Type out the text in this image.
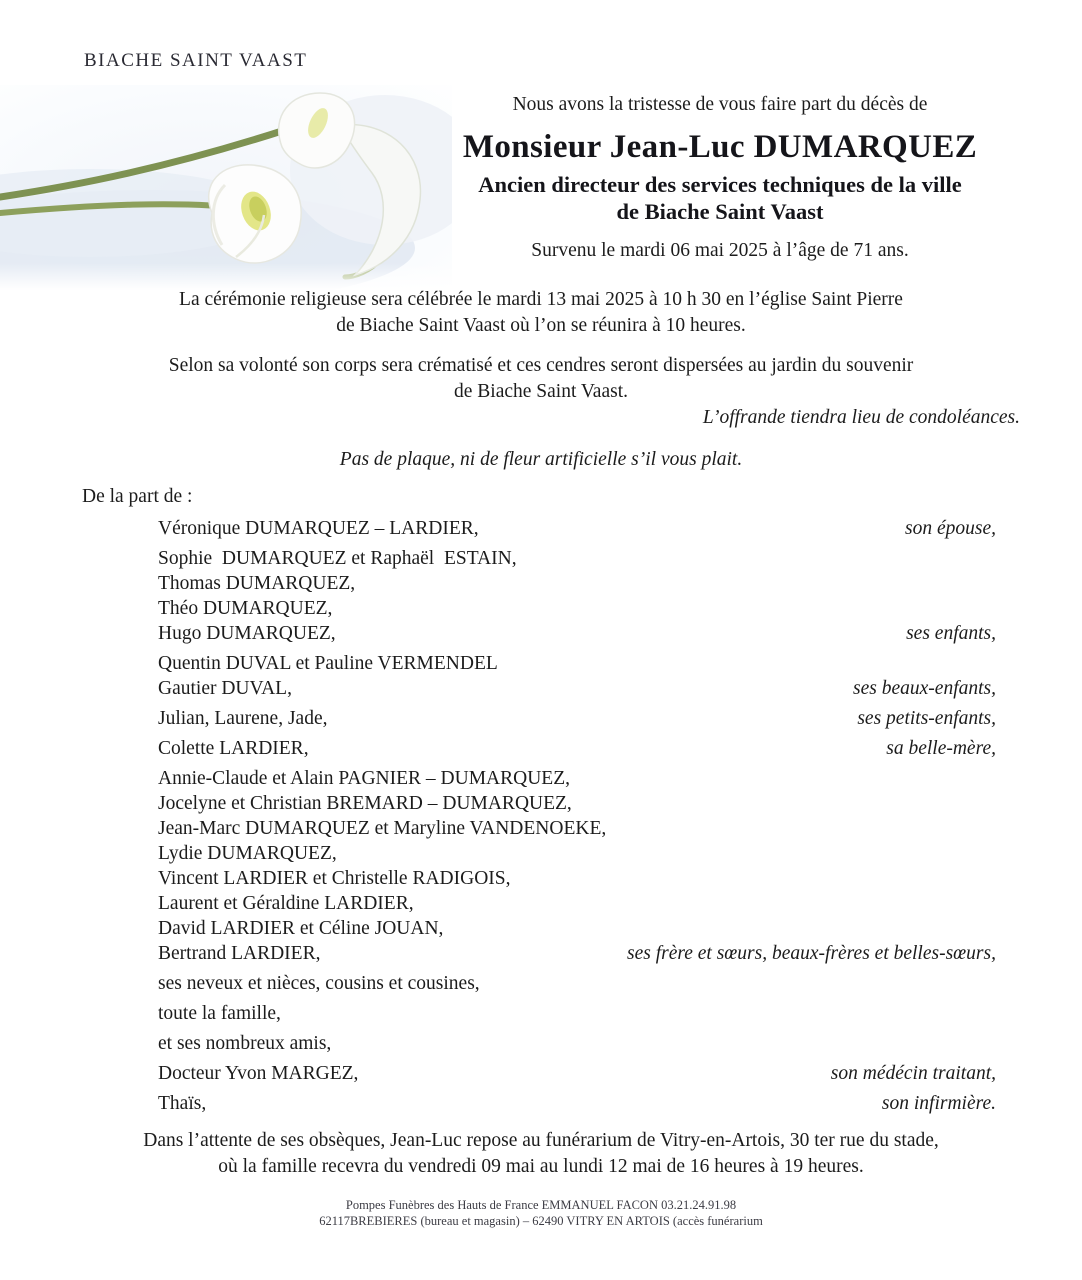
BIACHE SAINT VAAST
Nous avons la tristesse de vous faire part du décès de
Monsieur Jean-Luc DUMARQUEZ
Ancien directeur des services techniques de la ville
de Biache Saint Vaast
Survenu le mardi 06 mai 2025 à l’âge de 71 ans.
La cérémonie religieuse sera célébrée le mardi 13 mai 2025 à 10 h 30 en l’église Saint Pierre
de Biache Saint Vaast où l’on se réunira à 10 heures.
Selon sa volonté son corps sera crématisé et ces cendres seront dispersées au jardin du souvenir
de Biache Saint Vaast.
L’offrande tiendra lieu de condoléances.
Pas de plaque, ni de fleur artificielle s’il vous plait.
De la part de :
Véronique DUMARQUEZ – LARDIER,	son épouse,
Sophie  DUMARQUEZ et Raphaël  ESTAIN,
Thomas DUMARQUEZ,
Théo DUMARQUEZ,
Hugo DUMARQUEZ,	ses enfants,
Quentin DUVAL et Pauline VERMENDEL
Gautier DUVAL,	ses beaux-enfants,
Julian, Laurene, Jade,	ses petits-enfants,
Colette LARDIER,	sa belle-mère,
Annie-Claude et Alain PAGNIER – DUMARQUEZ,
Jocelyne et Christian BREMARD – DUMARQUEZ,
Jean-Marc DUMARQUEZ et Maryline VANDENOEKE,
Lydie DUMARQUEZ,
Vincent LARDIER et Christelle RADIGOIS,
Laurent et Géraldine LARDIER,
David LARDIER et Céline JOUAN,
Bertrand LARDIER,	ses frère et sœurs, beaux-frères et belles-sœurs,
ses neveux et nièces, cousins et cousines,
toute la famille,
et ses nombreux amis,
Docteur Yvon MARGEZ,	son médécin traitant,
Thaïs,	son infirmière.
Dans l’attente de ses obsèques, Jean-Luc repose au funérarium de Vitry-en-Artois, 30 ter rue du stade,
où la famille recevra du vendredi 09 mai au lundi 12 mai de 16 heures à 19 heures.
Pompes Funèbres des Hauts de France EMMANUEL FACON 03.21.24.91.98
62117BREBIERES (bureau et magasin) – 62490 VITRY EN ARTOIS (accès funérarium
